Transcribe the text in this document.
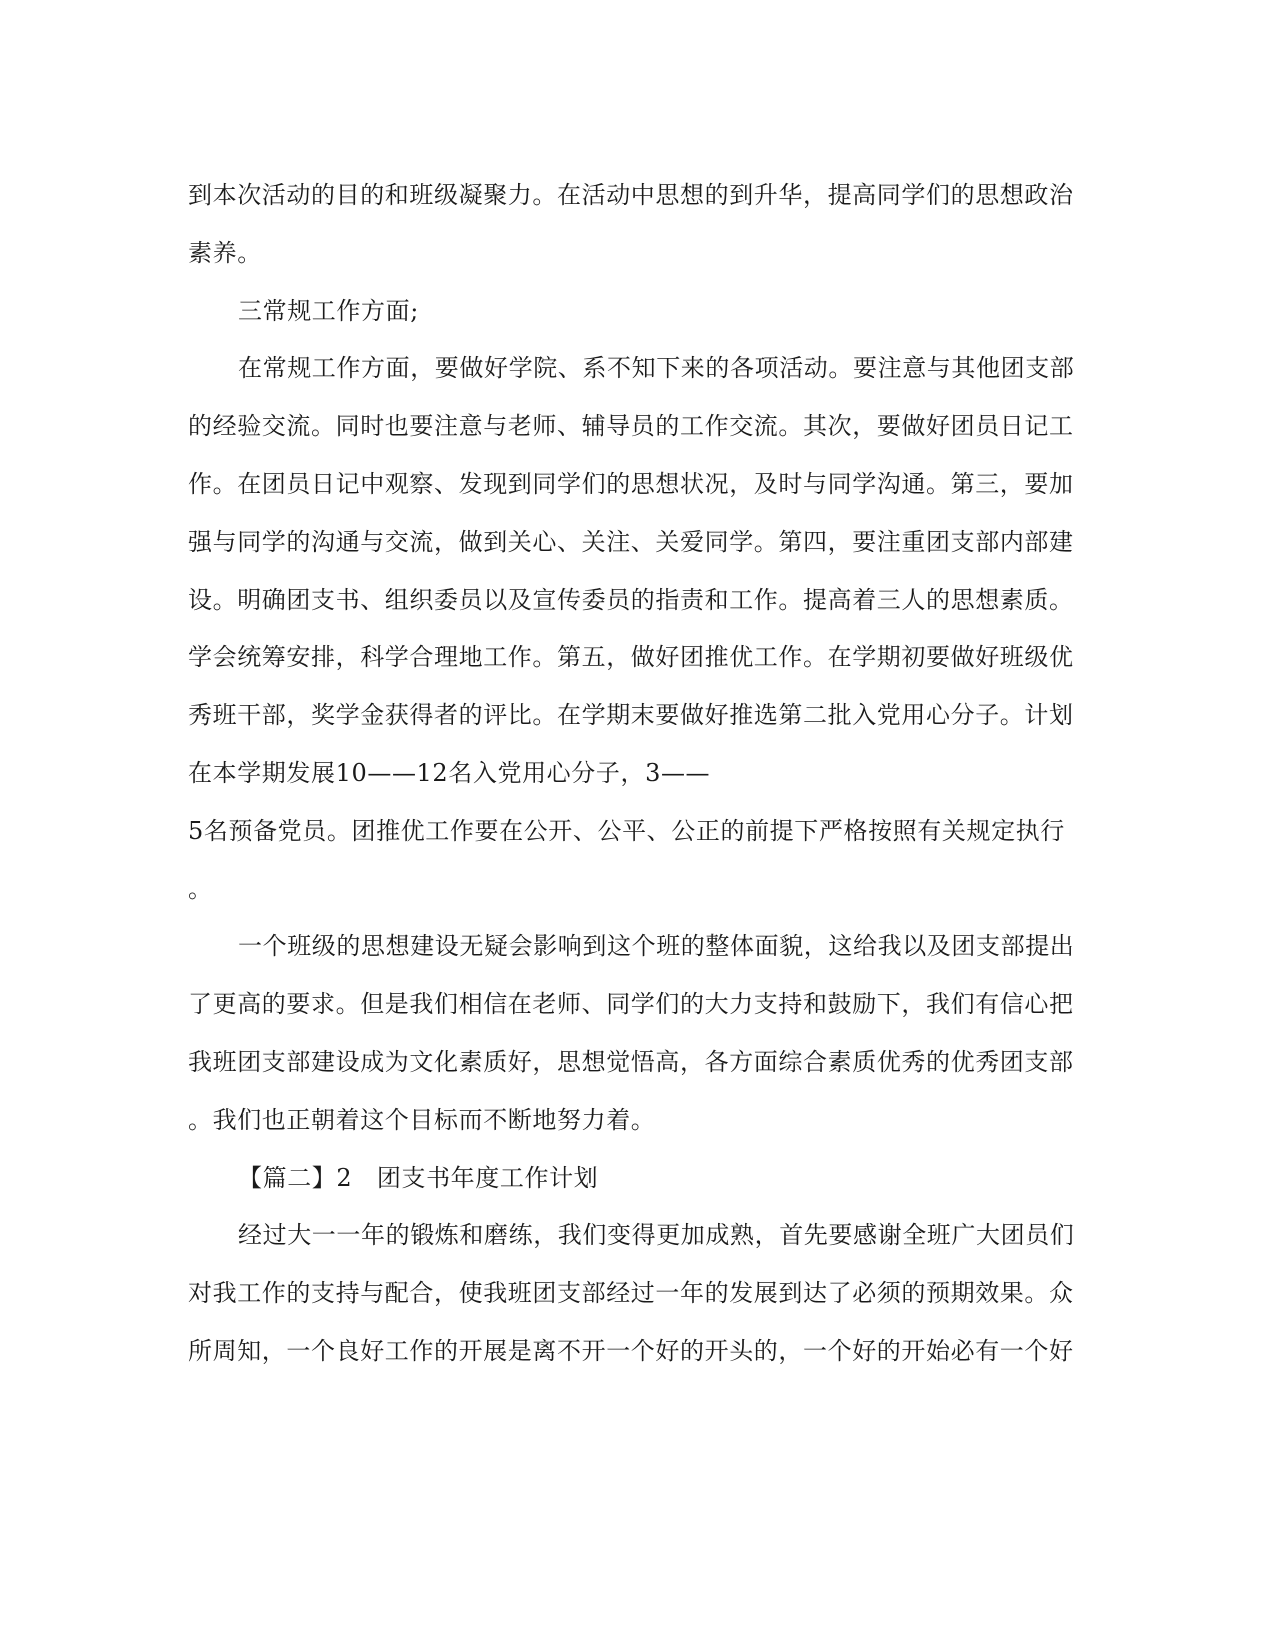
到本次活动的目的和班级凝聚力。在活动中思想的到升华，提高同学们的思想政治
素养。
三常规工作方面;
在常规工作方面，要做好学院、系不知下来的各项活动。要注意与其他团支部
的经验交流。同时也要注意与老师、辅导员的工作交流。其次，要做好团员日记工
作。在团员日记中观察、发现到同学们的思想状况，及时与同学沟通。第三，要加
强与同学的沟通与交流，做到关心、关注、关爱同学。第四，要注重团支部内部建
设。明确团支书、组织委员以及宣传委员的指责和工作。提高着三人的思想素质。
学会统筹安排，科学合理地工作。第五，做好团推优工作。在学期初要做好班级优
秀班干部，奖学金获得者的评比。在学期末要做好推选第二批入党用心分子。计划
在本学期发展10——12名入党用心分子，3——
5名预备党员。团推优工作要在公开、公平、公正的前提下严格按照有关规定执行
。
一个班级的思想建设无疑会影响到这个班的整体面貌，这给我以及团支部提出
了更高的要求。但是我们相信在老师、同学们的大力支持和鼓励下，我们有信心把
我班团支部建设成为文化素质好，思想觉悟高，各方面综合素质优秀的优秀团支部
。我们也正朝着这个目标而不断地努力着。
【篇二】2　团支书年度工作计划
经过大一一年的锻炼和磨练，我们变得更加成熟，首先要感谢全班广大团员们
对我工作的支持与配合，使我班团支部经过一年的发展到达了必须的预期效果。众
所周知，一个良好工作的开展是离不开一个好的开头的，一个好的开始必有一个好
